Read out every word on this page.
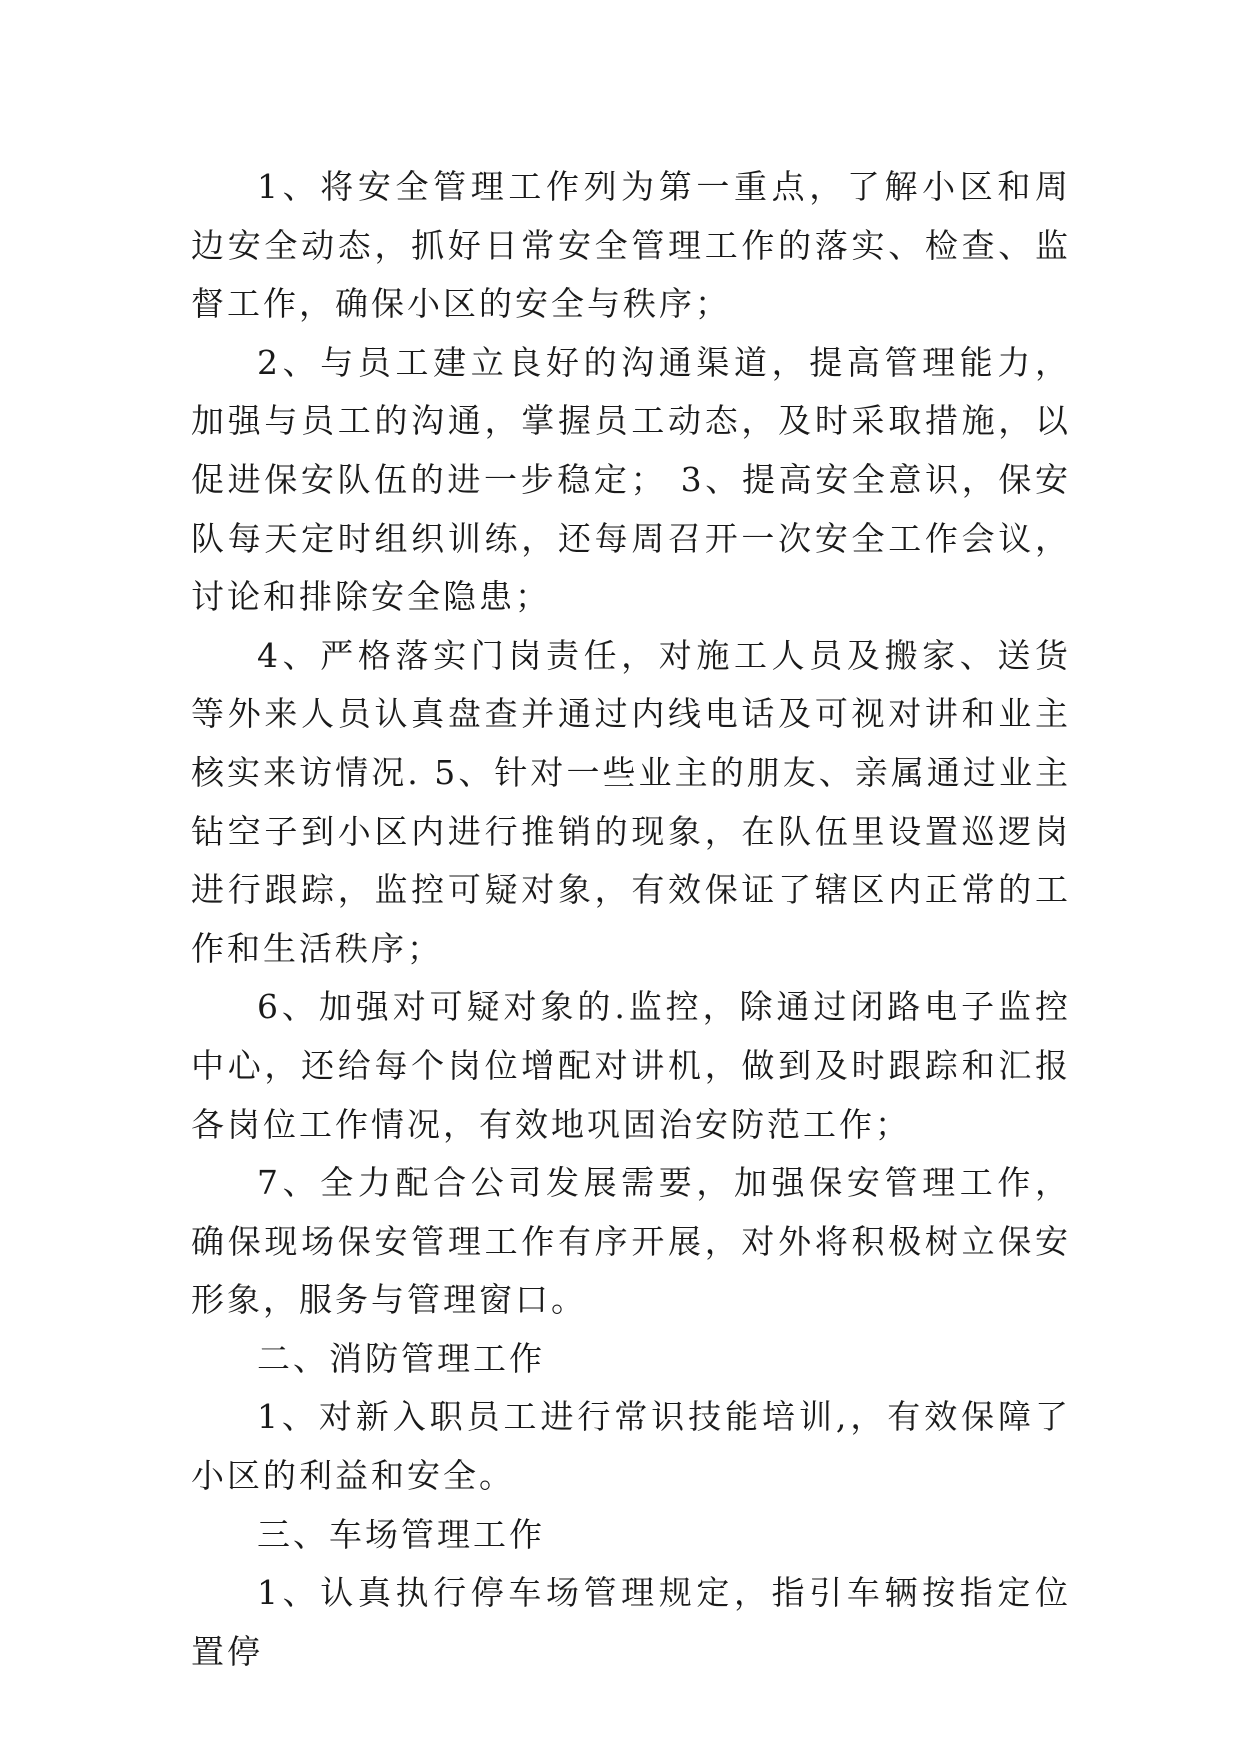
1、将安全管理工作列为第一重点，了解小区和周边安全动态，抓好日常安全管理工作的落实、检查、监督工作，确保小区的安全与秩序；

2、与员工建立良好的沟通渠道，提高管理能力，加强与员工的沟通，掌握员工动态，及时采取措施，以促进保安队伍的进一步稳定； 3、提高安全意识，保安队每天定时组织训练，还每周召开一次安全工作会议，讨论和排除安全隐患；

4、严格落实门岗责任，对施工人员及搬家、送货等外来人员认真盘查并通过内线电话及可视对讲和业主核实来访情况. 5、针对一些业主的朋友、亲属通过业主钻空子到小区内进行推销的现象，在队伍里设置巡逻岗进行跟踪，监控可疑对象，有效保证了辖区内正常的工作和生活秩序；

6、加强对可疑对象的.监控，除通过闭路电子监控中心，还给每个岗位增配对讲机，做到及时跟踪和汇报各岗位工作情况，有效地巩固治安防范工作；

7、全力配合公司发展需要，加强保安管理工作，确保现场保安管理工作有序开展，对外将积极树立保安形象，服务与管理窗口。

二、消防管理工作

1、对新入职员工进行常识技能培训,，有效保障了小区的利益和安全。

三、车场管理工作

1、认真执行停车场管理规定，指引车辆按指定位置停
